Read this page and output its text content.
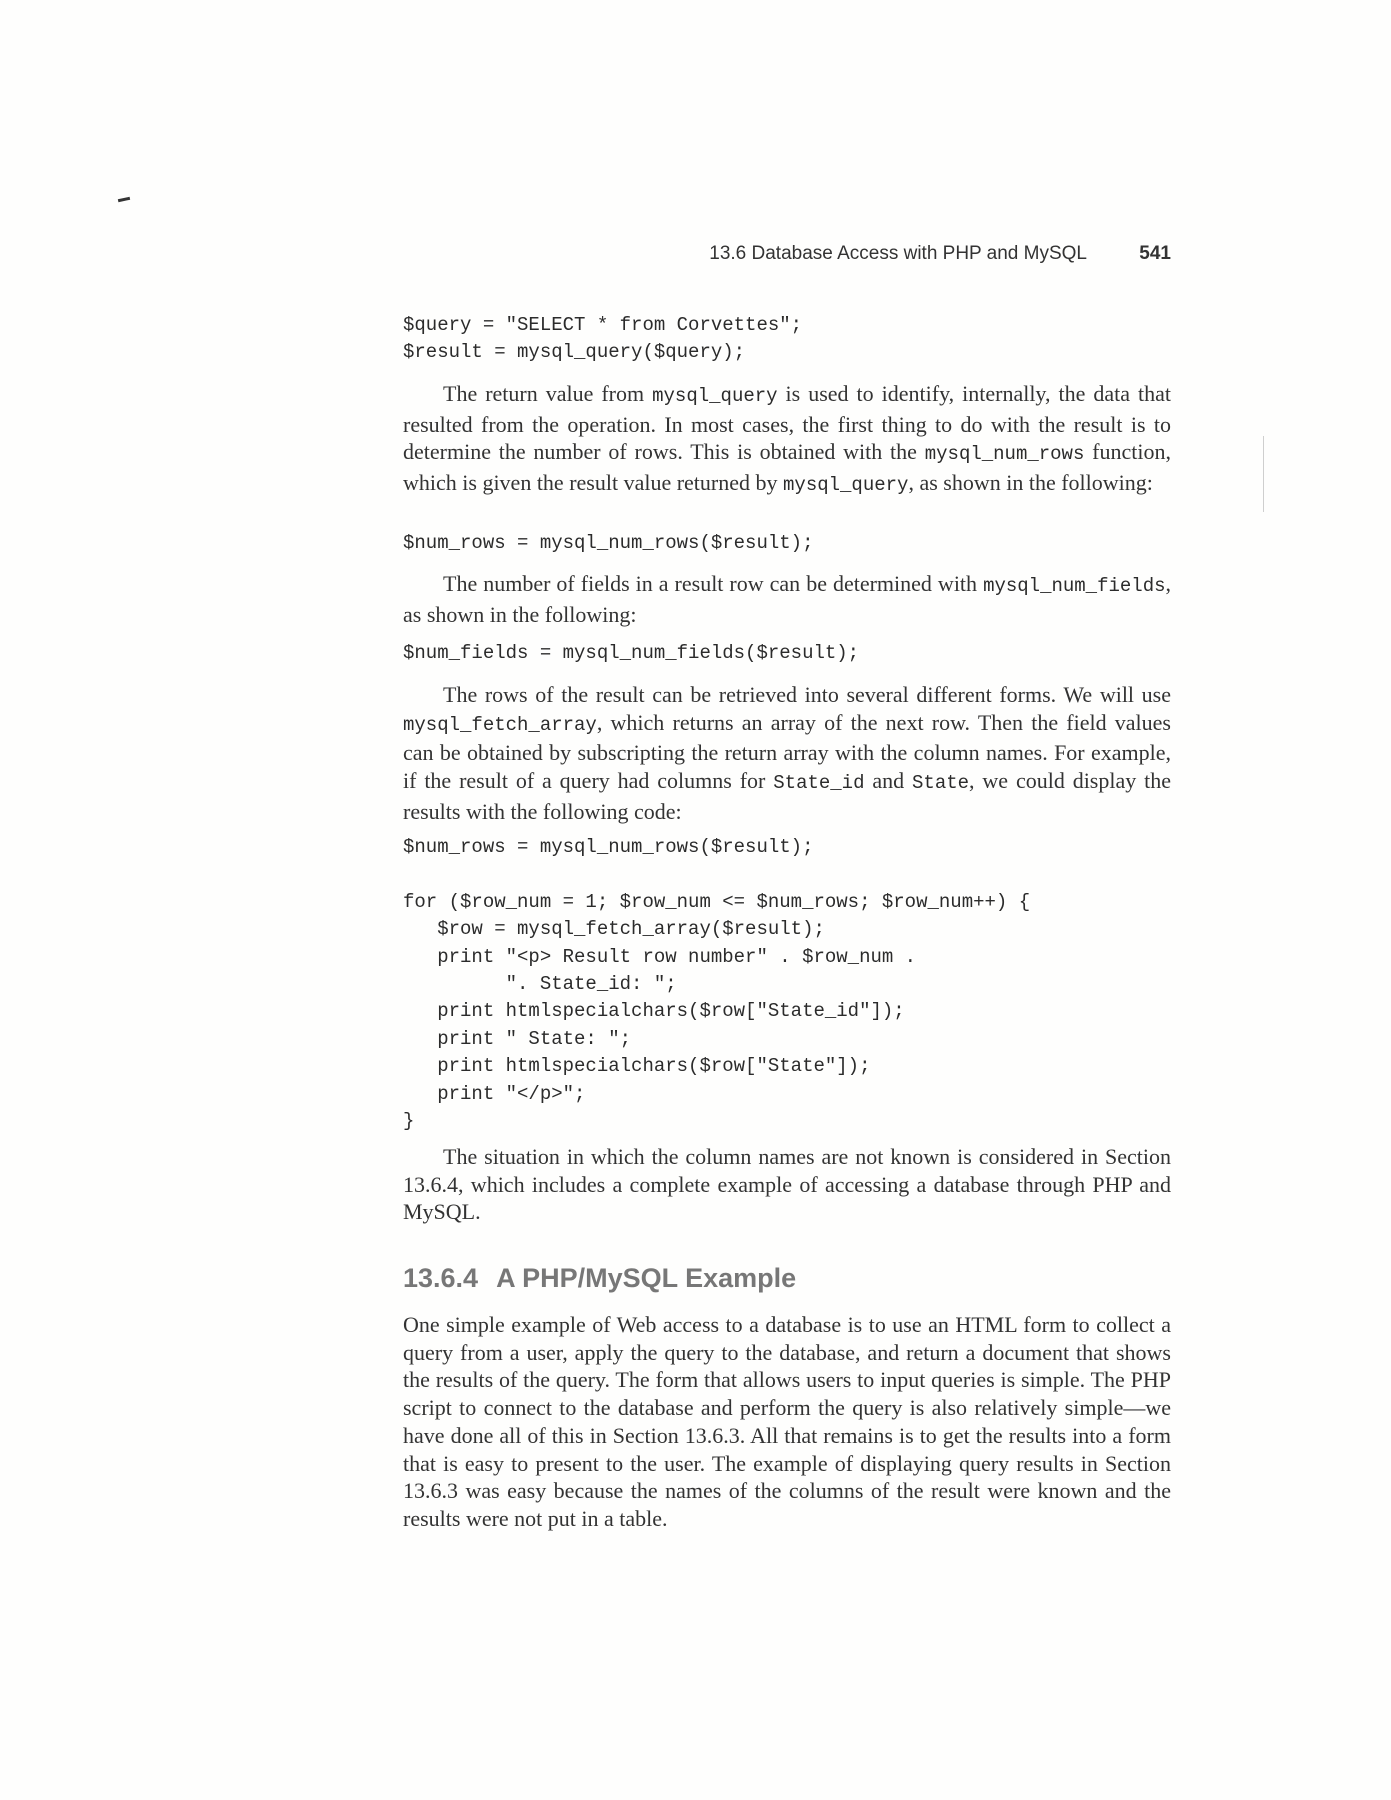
13.6 Database Access with PHP and MySQL	541
$query = "SELECT * from Corvettes";
$result = mysql_query($query);

The return value from mysql_query is used to identify, internally, the data that resulted from the operation. In most cases, the first thing to do with the result is to determine the number of rows. This is obtained with the mysql_num_rows function, which is given the result value returned by mysql_query, as shown in the following:

$num_rows = mysql_num_rows($result);

The number of fields in a result row can be determined with mysql_num_fields, as shown in the following:

$num_fields = mysql_num_fields($result);

The rows of the result can be retrieved into several different forms. We will use mysql_fetch_array, which returns an array of the next row. Then the field values can be obtained by subscripting the return array with the column names. For example, if the result of a query had columns for State_id and State, we could display the results with the following code:

$num_rows = mysql_num_rows($result);

for ($row_num = 1; $row_num <= $num_rows; $row_num++) {
$row = mysql_fetch_array($result);
print "<p> Result row number" . $row_num .
". State_id: ";
print htmlspecialchars($row["State_id"]);
print " State: ";
print htmlspecialchars($row["State"]);
print "</p>";
}

The situation in which the column names are not known is considered in Section 13.6.4, which includes a complete example of accessing a database through PHP and MySQL.

13.6.4 A PHP/MySQL Example

One simple example of Web access to a database is to use an HTML form to collect a query from a user, apply the query to the database, and return a document that shows the results of the query. The form that allows users to input queries is simple. The PHP script to connect to the database and perform the query is also relatively simple—we have done all of this in Section 13.6.3. All that remains is to get the results into a form that is easy to present to the user. The example of displaying query results in Section 13.6.3 was easy because the names of the columns of the result were known and the results were not put in a table.
